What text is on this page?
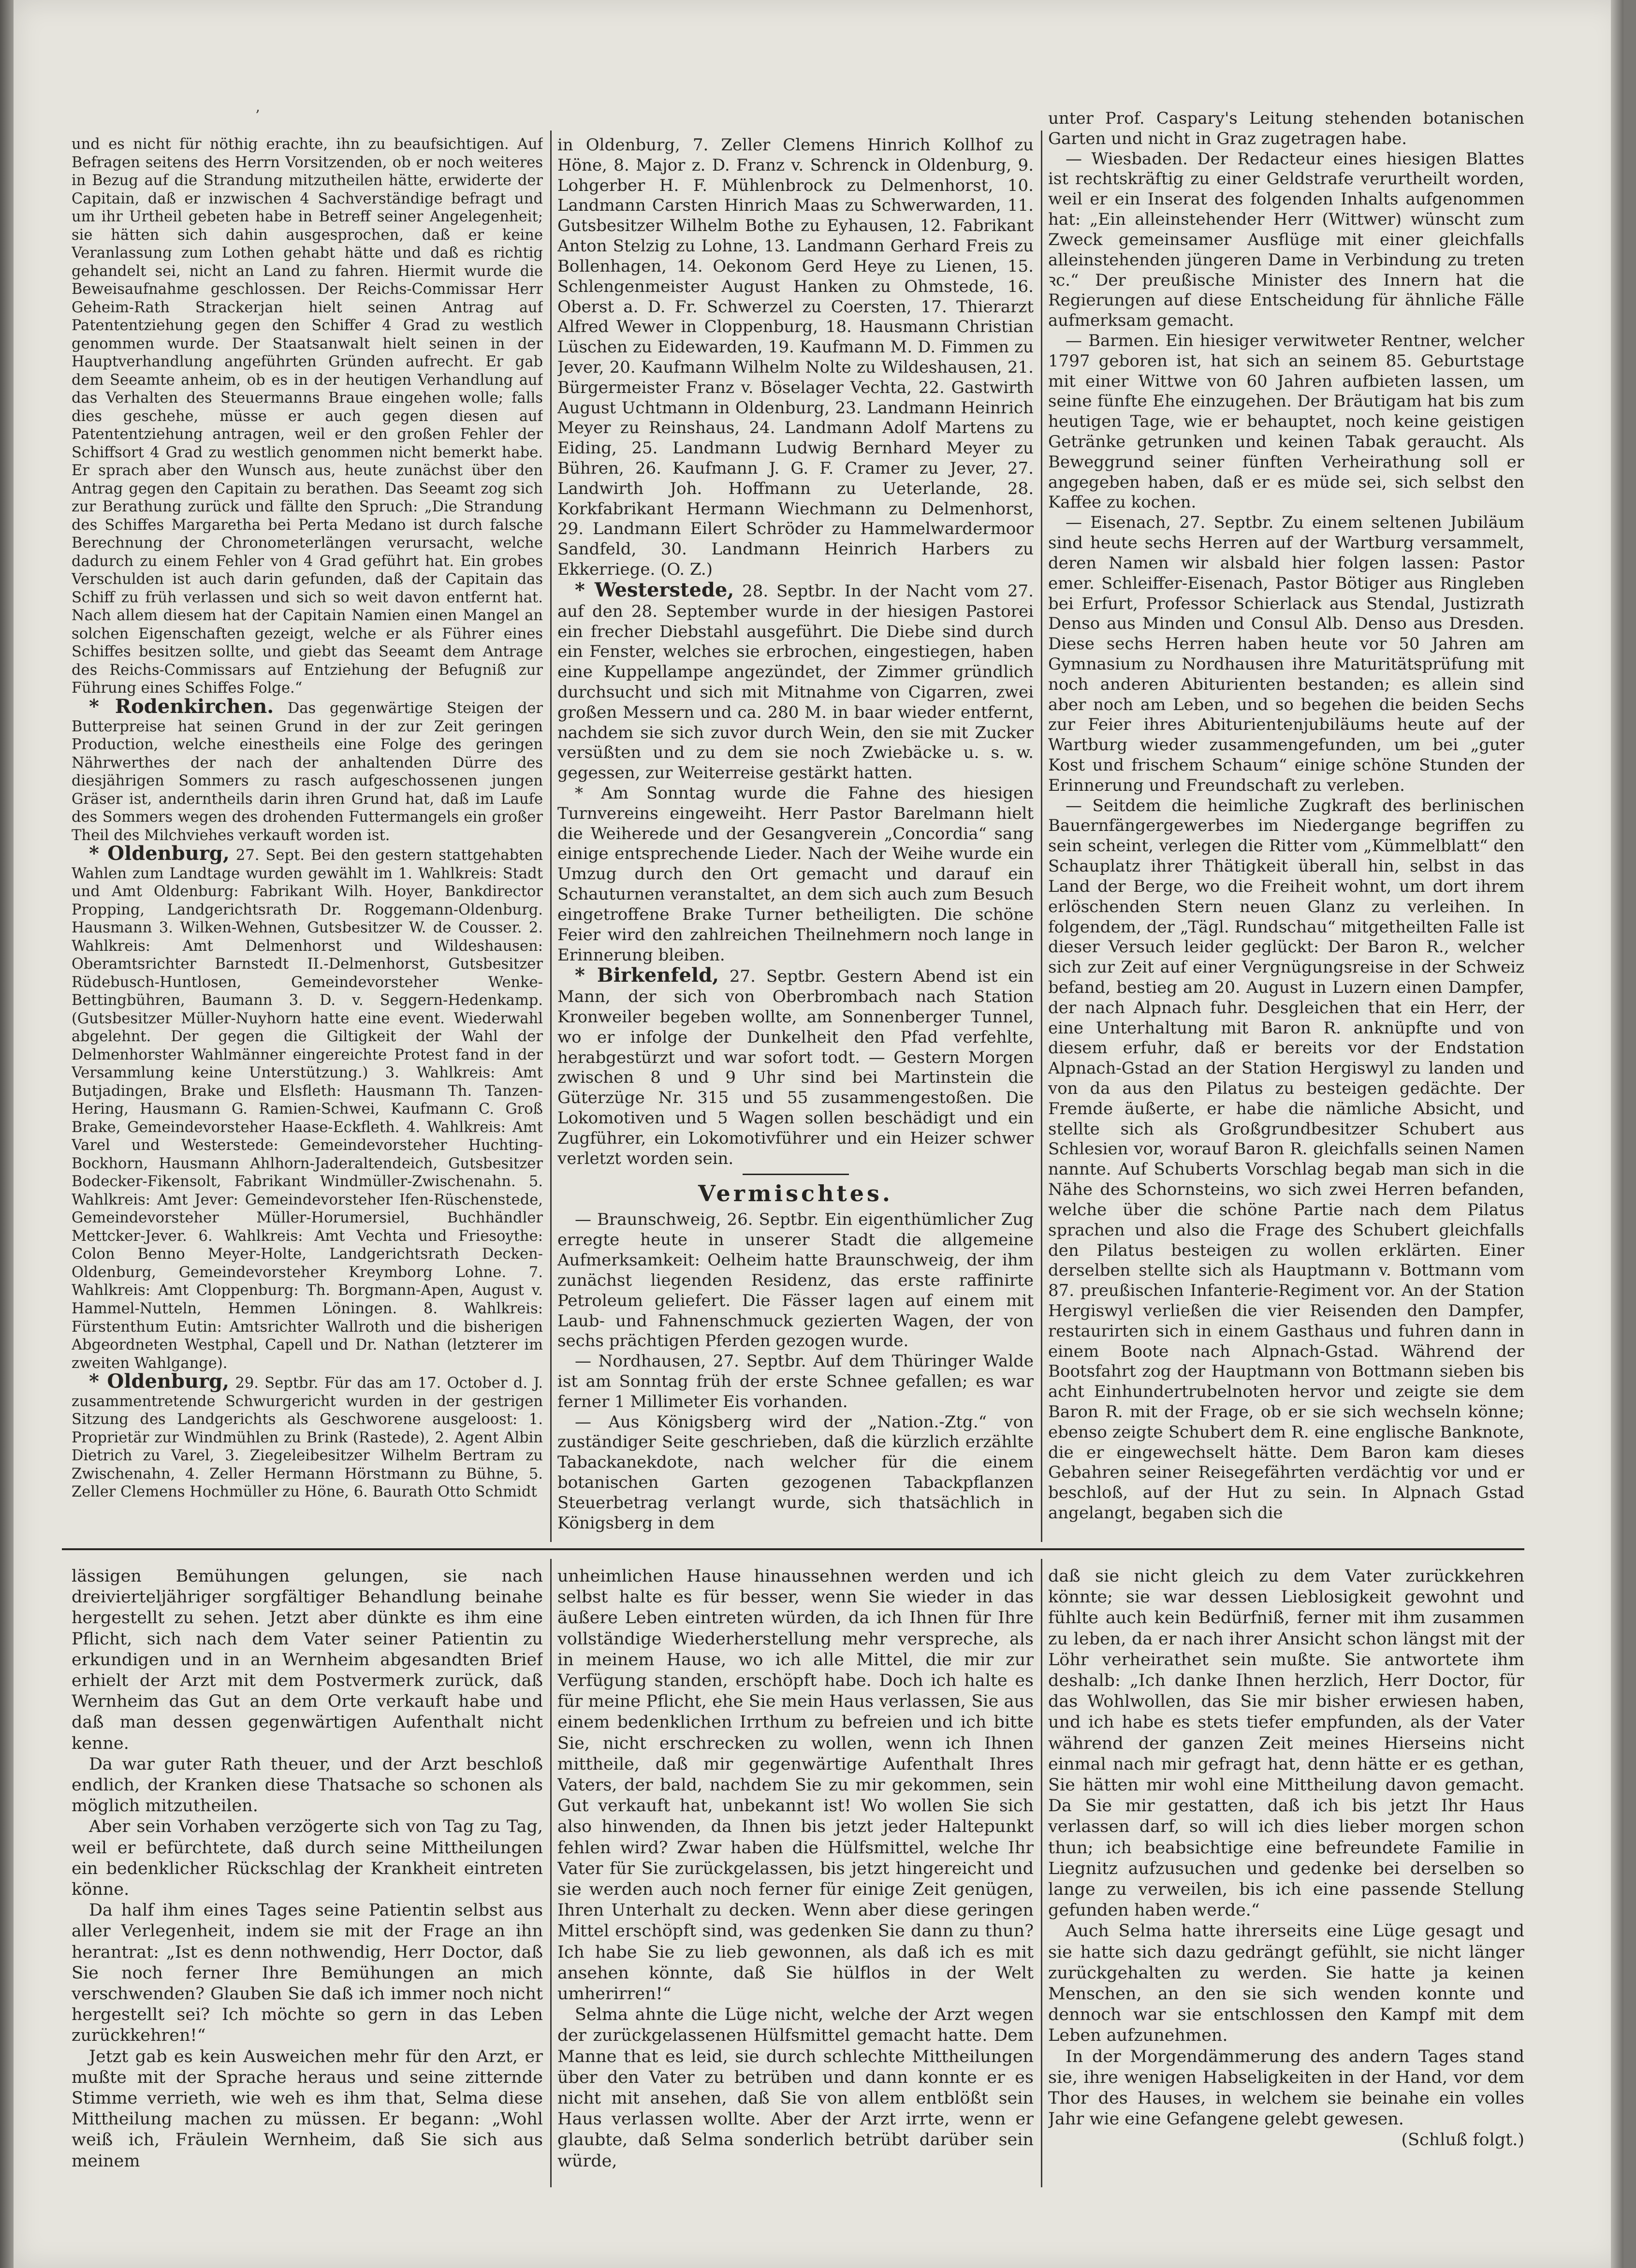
’

und es nicht für nöthig erachte, ihn zu beaufsichtigen. Auf Befragen seitens des Herrn Vorsitzenden, ob er noch weiteres in Bezug auf die Strandung mitzutheilen hätte, erwiderte der Capitain, daß er inzwischen 4 Sachverständige befragt und um ihr Urtheil gebeten habe in Betreff seiner Angelegenheit; sie hätten sich dahin ausgesprochen, daß er keine Veranlassung zum Lothen gehabt hätte und daß es richtig gehandelt sei, nicht an Land zu fahren. Hiermit wurde die Beweisaufnahme geschlossen. Der Reichs-Commissar Herr Geheim-Rath Strackerjan hielt seinen Antrag auf Patententziehung gegen den Schiffer 4 Grad zu westlich genommen wurde. Der Staatsanwalt hielt seinen in der Hauptverhandlung angeführten Gründen aufrecht. Er gab dem Seeamte anheim, ob es in der heutigen Verhandlung auf das Verhalten des Steuermanns Braue eingehen wolle; falls dies geschehe, müsse er auch gegen diesen auf Patententziehung antragen, weil er den großen Fehler der Schiffsort 4 Grad zu westlich genommen nicht bemerkt habe. Er sprach aber den Wunsch aus, heute zunächst über den Antrag gegen den Capitain zu berathen. Das Seeamt zog sich zur Berathung zurück und fällte den Spruch: „Die Strandung des Schiffes Margaretha bei Perta Medano ist durch falsche Berechnung der Chronometerlängen verursacht, welche dadurch zu einem Fehler von 4 Grad geführt hat. Ein grobes Verschulden ist auch darin gefunden, daß der Capitain das Schiff zu früh verlassen und sich so weit davon entfernt hat. Nach allem diesem hat der Capitain Namien einen Mangel an solchen Eigenschaften gezeigt, welche er als Führer eines Schiffes besitzen sollte, und giebt das Seeamt dem Antrage des Reichs-Commissars auf Entziehung der Befugniß zur Führung eines Schiffes Folge.“

* Rodenkirchen. Das gegenwärtige Steigen der Butterpreise hat seinen Grund in der zur Zeit geringen Production, welche einestheils eine Folge des geringen Nährwerthes der nach der anhaltenden Dürre des diesjährigen Sommers zu rasch aufgeschossenen jungen Gräser ist, anderntheils darin ihren Grund hat, daß im Laufe des Sommers wegen des drohenden Futtermangels ein großer Theil des Milchviehes verkauft worden ist.

* Oldenburg, 27. Sept. Bei den gestern stattgehabten Wahlen zum Landtage wurden gewählt im 1. Wahlkreis: Stadt und Amt Oldenburg: Fabrikant Wilh. Hoyer, Bankdirector Propping, Landgerichtsrath Dr. Roggemann-Oldenburg. Hausmann 3. Wilken-Wehnen, Gutsbesitzer W. de Cousser. 2. Wahlkreis: Amt Delmenhorst und Wildeshausen: Oberamtsrichter Barnstedt II.-Delmenhorst, Gutsbesitzer Rüdebusch-Huntlosen, Gemeindevorsteher Wenke-Bettingbühren, Baumann 3. D. v. Seggern-Hedenkamp. (Gutsbesitzer Müller-Nuyhorn hatte eine event. Wiederwahl abgelehnt. Der gegen die Giltigkeit der Wahl der Delmenhorster Wahlmänner eingereichte Protest fand in der Versammlung keine Unterstützung.) 3. Wahlkreis: Amt Butjadingen, Brake und Elsfleth: Hausmann Th. Tanzen-Hering, Hausmann G. Ramien-Schwei, Kaufmann C. Groß Brake, Gemeindevorsteher Haase-Eckfleth. 4. Wahlkreis: Amt Varel und Westerstede: Gemeindevorsteher Huchting-Bockhorn, Hausmann Ahlhorn-Jaderaltendeich, Gutsbesitzer Bodecker-Fikensolt, Fabrikant Windmüller-Zwischenahn. 5. Wahlkreis: Amt Jever: Gemeindevorsteher Ifen-Rüschenstede, Gemeindevorsteher Müller-Horumersiel, Buchhändler Mettcker-Jever. 6. Wahlkreis: Amt Vechta und Friesoythe: Colon Benno Meyer-Holte, Landgerichtsrath Decken-Oldenburg, Gemeindevorsteher Kreymborg Lohne. 7. Wahlkreis: Amt Cloppenburg: Th. Borgmann-Apen, August v. Hammel-Nutteln, Hemmen Löningen. 8. Wahlkreis: Fürstenthum Eutin: Amtsrichter Wallroth und die bisherigen Abgeordneten Westphal, Capell und Dr. Nathan (letzterer im zweiten Wahlgange).

* Oldenburg, 29. Septbr. Für das am 17. October d. J. zusammentretende Schwurgericht wurden in der gestrigen Sitzung des Landgerichts als Geschworene ausgeloost: 1. Proprietär zur Windmühlen zu Brink (Rastede), 2. Agent Albin Dietrich zu Varel, 3. Ziegeleibesitzer Wilhelm Bertram zu Zwischenahn, 4. Zeller Hermann Hörstmann zu Bühne, 5. Zeller Clemens Hochmüller zu Höne, 6. Baurath Otto Schmidt

in Oldenburg, 7. Zeller Clemens Hinrich Kollhof zu Höne, 8. Major z. D. Franz v. Schrenck in Oldenburg, 9. Lohgerber H. F. Mühlenbrock zu Delmenhorst, 10. Landmann Carsten Hinrich Maas zu Schwerwarden, 11. Gutsbesitzer Wilhelm Bothe zu Eyhausen, 12. Fabrikant Anton Stelzig zu Lohne, 13. Landmann Gerhard Freis zu Bollenhagen, 14. Oekonom Gerd Heye zu Lienen, 15. Schlengenmeister August Hanken zu Ohmstede, 16. Oberst a. D. Fr. Schwerzel zu Coersten, 17. Thierarzt Alfred Wewer in Cloppenburg, 18. Hausmann Christian Lüschen zu Eidewarden, 19. Kaufmann M. D. Fimmen zu Jever, 20. Kaufmann Wilhelm Nolte zu Wildeshausen, 21. Bürgermeister Franz v. Böselager Vechta, 22. Gastwirth August Uchtmann in Oldenburg, 23. Landmann Heinrich Meyer zu Reinshaus, 24. Landmann Adolf Martens zu Eiding, 25. Landmann Ludwig Bernhard Meyer zu Bühren, 26. Kaufmann J. G. F. Cramer zu Jever, 27. Landwirth Joh. Hoffmann zu Ueterlande, 28. Korkfabrikant Hermann Wiechmann zu Delmenhorst, 29. Landmann Eilert Schröder zu Hammelwardermoor Sandfeld, 30. Landmann Heinrich Harbers zu Ekkerriege. (O. Z.)

* Westerstede, 28. Septbr. In der Nacht vom 27. auf den 28. September wurde in der hiesigen Pastorei ein frecher Diebstahl ausgeführt. Die Diebe sind durch ein Fenster, welches sie erbrochen, eingestiegen, haben eine Kuppellampe angezündet, der Zimmer gründlich durchsucht und sich mit Mitnahme von Cigarren, zwei großen Messern und ca. 280 M. in baar wieder entfernt, nachdem sie sich zuvor durch Wein, den sie mit Zucker versüßten und zu dem sie noch Zwiebäcke u. s. w. gegessen, zur Weiterreise gestärkt hatten.

* Am Sonntag wurde die Fahne des hiesigen Turnvereins eingeweiht. Herr Pastor Barelmann hielt die Weiherede und der Gesangverein „Concordia“ sang einige entsprechende Lieder. Nach der Weihe wurde ein Umzug durch den Ort gemacht und darauf ein Schauturnen veranstaltet, an dem sich auch zum Besuch eingetroffene Brake Turner betheiligten. Die schöne Feier wird den zahlreichen Theilnehmern noch lange in Erinnerung bleiben.

* Birkenfeld, 27. Septbr. Gestern Abend ist ein Mann, der sich von Oberbrombach nach Station Kronweiler begeben wollte, am Sonnenberger Tunnel, wo er infolge der Dunkelheit den Pfad verfehlte, herabgestürzt und war sofort todt. — Gestern Morgen zwischen 8 und 9 Uhr sind bei Martinstein die Güterzüge Nr. 315 und 55 zusammengestoßen. Die Lokomotiven und 5 Wagen sollen beschädigt und ein Zugführer, ein Lokomotivführer und ein Heizer schwer verletzt worden sein.

Vermischtes.

— Braunschweig, 26. Septbr. Ein eigenthümlicher Zug erregte heute in unserer Stadt die allgemeine Aufmerksamkeit: Oelheim hatte Braunschweig, der ihm zunächst liegenden Residenz, das erste raffinirte Petroleum geliefert. Die Fässer lagen auf einem mit Laub- und Fahnenschmuck gezierten Wagen, der von sechs prächtigen Pferden gezogen wurde.

— Nordhausen, 27. Septbr. Auf dem Thüringer Walde ist am Sonntag früh der erste Schnee gefallen; es war ferner 1 Millimeter Eis vorhanden.

— Aus Königsberg wird der „Nation.-Ztg.“ von zuständiger Seite geschrieben, daß die kürzlich erzählte Tabackanekdote, nach welcher für die einem botanischen Garten gezogenen Tabackpflanzen Steuerbetrag verlangt wurde, sich thatsächlich in Königsberg in dem

unter Prof. Caspary's Leitung stehenden botanischen Garten und nicht in Graz zugetragen habe.

— Wiesbaden. Der Redacteur eines hiesigen Blattes ist rechtskräftig zu einer Geldstrafe verurtheilt worden, weil er ein Inserat des folgenden Inhalts aufgenommen hat: „Ein alleinstehender Herr (Wittwer) wünscht zum Zweck gemeinsamer Ausflüge mit einer gleichfalls alleinstehenden jüngeren Dame in Verbindung zu treten ꝛc.“ Der preußische Minister des Innern hat die Regierungen auf diese Entscheidung für ähnliche Fälle aufmerksam gemacht.

— Barmen. Ein hiesiger verwitweter Rentner, welcher 1797 geboren ist, hat sich an seinem 85. Geburtstage mit einer Wittwe von 60 Jahren aufbieten lassen, um seine fünfte Ehe einzugehen. Der Bräutigam hat bis zum heutigen Tage, wie er behauptet, noch keine geistigen Getränke getrunken und keinen Tabak geraucht. Als Beweggrund seiner fünften Verheirathung soll er angegeben haben, daß er es müde sei, sich selbst den Kaffee zu kochen.

— Eisenach, 27. Septbr. Zu einem seltenen Jubiläum sind heute sechs Herren auf der Wartburg versammelt, deren Namen wir alsbald hier folgen lassen: Pastor emer. Schleiffer-Eisenach, Pastor Bötiger aus Ringleben bei Erfurt, Professor Schierlack aus Stendal, Justizrath Denso aus Minden und Consul Alb. Denso aus Dresden. Diese sechs Herren haben heute vor 50 Jahren am Gymnasium zu Nordhausen ihre Maturitätsprüfung mit noch anderen Abiturienten bestanden; es allein sind aber noch am Leben, und so begehen die beiden Sechs zur Feier ihres Abiturientenjubiläums heute auf der Wartburg wieder zusammengefunden, um bei „guter Kost und frischem Schaum“ einige schöne Stunden der Erinnerung und Freundschaft zu verleben.

— Seitdem die heimliche Zugkraft des berlinischen Bauernfängergewerbes im Niedergange begriffen zu sein scheint, verlegen die Ritter vom „Kümmelblatt“ den Schauplatz ihrer Thätigkeit überall hin, selbst in das Land der Berge, wo die Freiheit wohnt, um dort ihrem erlöschenden Stern neuen Glanz zu verleihen. In folgendem, der „Tägl. Rundschau“ mitgetheilten Falle ist dieser Versuch leider geglückt: Der Baron R., welcher sich zur Zeit auf einer Vergnügungsreise in der Schweiz befand, bestieg am 20. August in Luzern einen Dampfer, der nach Alpnach fuhr. Desgleichen that ein Herr, der eine Unterhaltung mit Baron R. anknüpfte und von diesem erfuhr, daß er bereits vor der Endstation Alpnach-Gstad an der Station Hergiswyl zu landen und von da aus den Pilatus zu besteigen gedächte. Der Fremde äußerte, er habe die nämliche Absicht, und stellte sich als Großgrundbesitzer Schubert aus Schlesien vor, worauf Baron R. gleichfalls seinen Namen nannte. Auf Schuberts Vorschlag begab man sich in die Nähe des Schornsteins, wo sich zwei Herren befanden, welche über die schöne Partie nach dem Pilatus sprachen und also die Frage des Schubert gleichfalls den Pilatus besteigen zu wollen erklärten. Einer derselben stellte sich als Hauptmann v. Bottmann vom 87. preußischen Infanterie-Regiment vor. An der Station Hergiswyl verließen die vier Reisenden den Dampfer, restaurirten sich in einem Gasthaus und fuhren dann in einem Boote nach Alpnach-Gstad. Während der Bootsfahrt zog der Hauptmann von Bottmann sieben bis acht Einhundertrubelnoten hervor und zeigte sie dem Baron R. mit der Frage, ob er sie sich wechseln könne; ebenso zeigte Schubert dem R. eine englische Banknote, die er eingewechselt hätte. Dem Baron kam dieses Gebahren seiner Reisegefährten verdächtig vor und er beschloß, auf der Hut zu sein. In Alpnach Gstad angelangt, begaben sich die

lässigen Bemühungen gelungen, sie nach dreivierteljähriger sorgfältiger Behandlung beinahe hergestellt zu sehen. Jetzt aber dünkte es ihm eine Pflicht, sich nach dem Vater seiner Patientin zu erkundigen und in an Wernheim abgesandten Brief erhielt der Arzt mit dem Postvermerk zurück, daß Wernheim das Gut an dem Orte verkauft habe und daß man dessen gegenwärtigen Aufenthalt nicht kenne.

Da war guter Rath theuer, und der Arzt beschloß endlich, der Kranken diese Thatsache so schonen als möglich mitzutheilen.

Aber sein Vorhaben verzögerte sich von Tag zu Tag, weil er befürchtete, daß durch seine Mittheilungen ein bedenklicher Rückschlag der Krankheit eintreten könne.

Da half ihm eines Tages seine Patientin selbst aus aller Verlegenheit, indem sie mit der Frage an ihn herantrat: „Ist es denn nothwendig, Herr Doctor, daß Sie noch ferner Ihre Bemühungen an mich verschwenden? Glauben Sie daß ich immer noch nicht hergestellt sei? Ich möchte so gern in das Leben zurückkehren!“

Jetzt gab es kein Ausweichen mehr für den Arzt, er mußte mit der Sprache heraus und seine zitternde Stimme verrieth, wie weh es ihm that, Selma diese Mittheilung machen zu müssen. Er begann: „Wohl weiß ich, Fräulein Wernheim, daß Sie sich aus meinem

unheimlichen Hause hinaussehnen werden und ich selbst halte es für besser, wenn Sie wieder in das äußere Leben eintreten würden, da ich Ihnen für Ihre vollständige Wiederherstellung mehr verspreche, als in meinem Hause, wo ich alle Mittel, die mir zur Verfügung standen, erschöpft habe. Doch ich halte es für meine Pflicht, ehe Sie mein Haus verlassen, Sie aus einem bedenklichen Irrthum zu befreien und ich bitte Sie, nicht erschrecken zu wollen, wenn ich Ihnen mittheile, daß mir gegenwärtige Aufenthalt Ihres Vaters, der bald, nachdem Sie zu mir gekommen, sein Gut verkauft hat, unbekannt ist! Wo wollen Sie sich also hinwenden, da Ihnen bis jetzt jeder Haltepunkt fehlen wird? Zwar haben die Hülfsmittel, welche Ihr Vater für Sie zurückgelassen, bis jetzt hingereicht und sie werden auch noch ferner für einige Zeit genügen, Ihren Unterhalt zu decken. Wenn aber diese geringen Mittel erschöpft sind, was gedenken Sie dann zu thun? Ich habe Sie zu lieb gewonnen, als daß ich es mit ansehen könnte, daß Sie hülflos in der Welt umherirren!“

Selma ahnte die Lüge nicht, welche der Arzt wegen der zurückgelassenen Hülfsmittel gemacht hatte. Dem Manne that es leid, sie durch schlechte Mittheilungen über den Vater zu betrüben und dann konnte er es nicht mit ansehen, daß Sie von allem entblößt sein Haus verlassen wollte. Aber der Arzt irrte, wenn er glaubte, daß Selma sonderlich betrübt darüber sein würde,

daß sie nicht gleich zu dem Vater zurückkehren könnte; sie war dessen Lieblosigkeit gewohnt und fühlte auch kein Bedürfniß, ferner mit ihm zusammen zu leben, da er nach ihrer Ansicht schon längst mit der Löhr verheirathet sein mußte. Sie antwortete ihm deshalb: „Ich danke Ihnen herzlich, Herr Doctor, für das Wohlwollen, das Sie mir bisher erwiesen haben, und ich habe es stets tiefer empfunden, als der Vater während der ganzen Zeit meines Hierseins nicht einmal nach mir gefragt hat, denn hätte er es gethan, Sie hätten mir wohl eine Mittheilung davon gemacht. Da Sie mir gestatten, daß ich bis jetzt Ihr Haus verlassen darf, so will ich dies lieber morgen schon thun; ich beabsichtige eine befreundete Familie in Liegnitz aufzusuchen und gedenke bei derselben so lange zu verweilen, bis ich eine passende Stellung gefunden haben werde.“

Auch Selma hatte ihrerseits eine Lüge gesagt und sie hatte sich dazu gedrängt gefühlt, sie nicht länger zurückgehalten zu werden. Sie hatte ja keinen Menschen, an den sie sich wenden konnte und dennoch war sie entschlossen den Kampf mit dem Leben aufzunehmen.

In der Morgendämmerung des andern Tages stand sie, ihre wenigen Habseligkeiten in der Hand, vor dem Thor des Hauses, in welchem sie beinahe ein volles Jahr wie eine Gefangene gelebt gewesen.

(Schluß folgt.)
